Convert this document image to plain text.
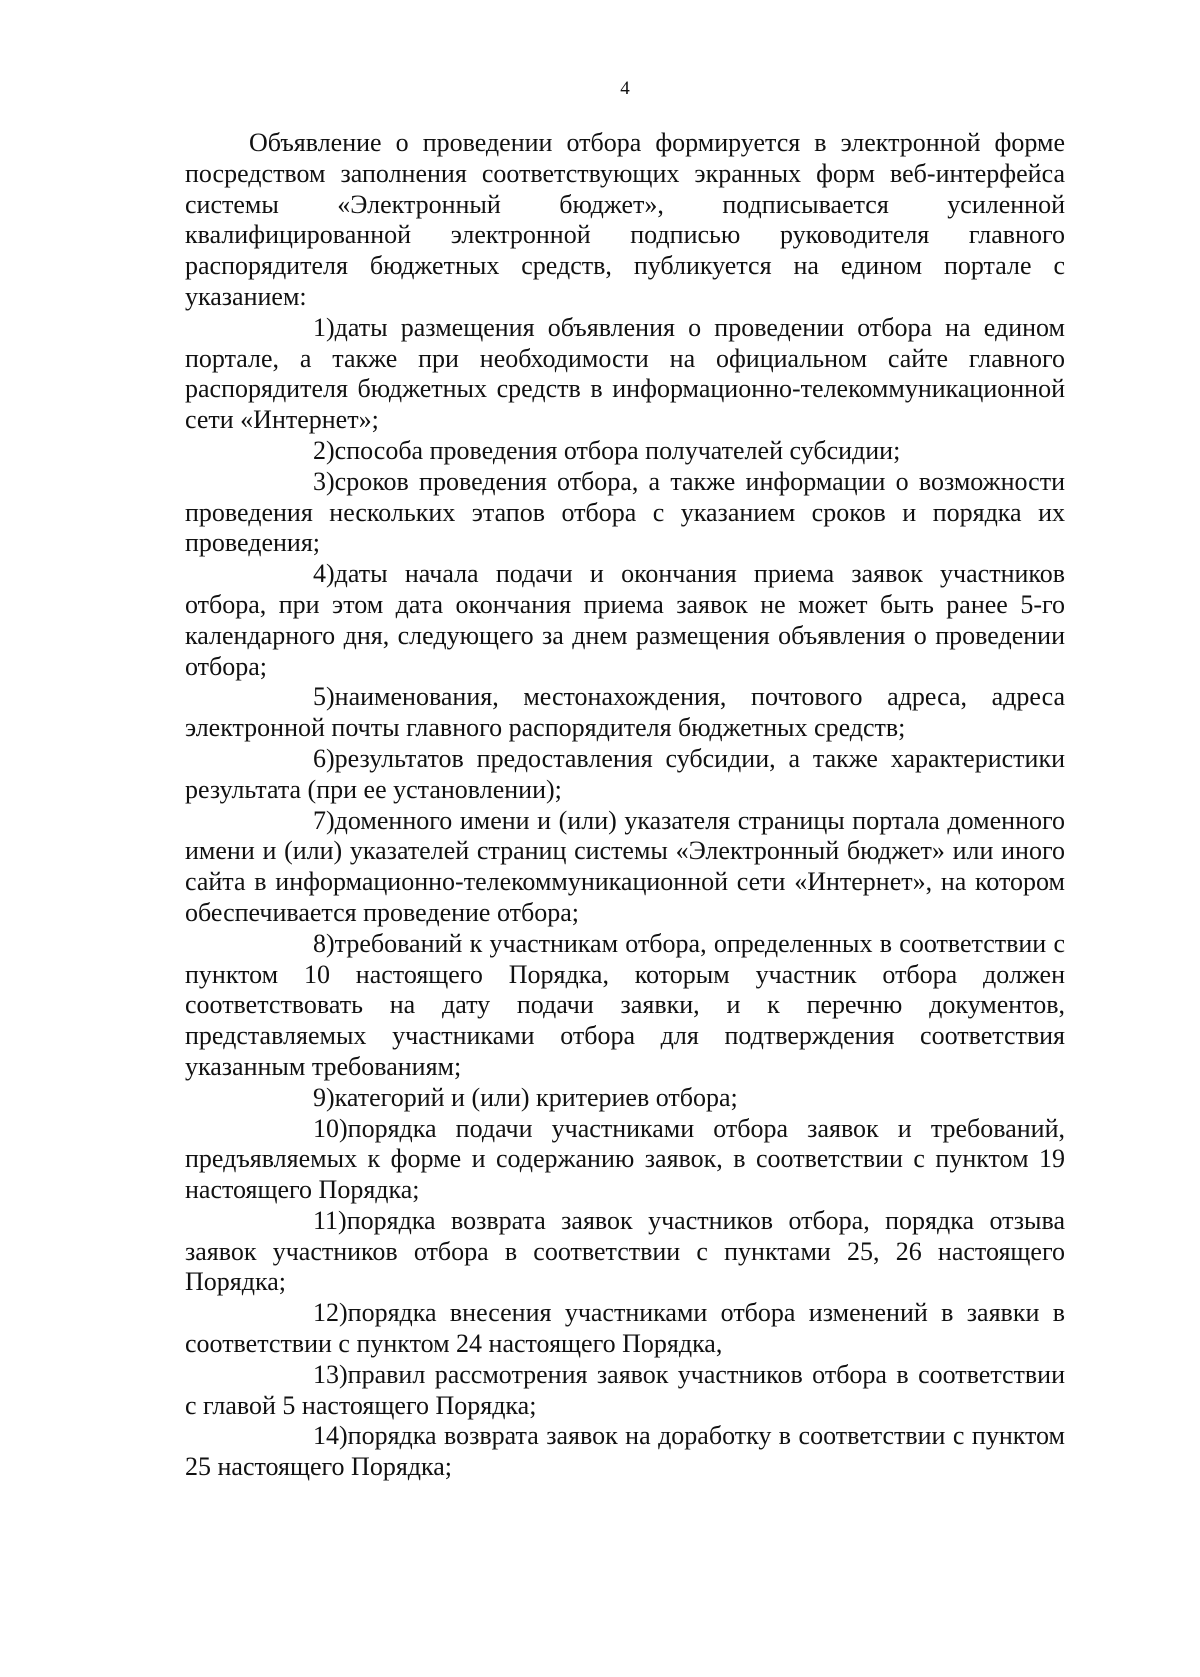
4

Объявление о проведении отбора формируется в электронной форме посредством заполнения соответствующих экранных форм веб-интерфейса системы «Электронный бюджет», подписывается усиленной квалифицированной электронной подписью руководителя главного распорядителя бюджетных средств, публикуется на едином портале с указанием:

1)даты размещения объявления о проведении отбора на едином портале, а также при необходимости на официальном сайте главного распорядителя бюджетных средств в информационно-телекоммуникационной сети «Интернет»;

2)способа проведения отбора получателей субсидии;

3)сроков проведения отбора, а также информации о возможности проведения нескольких этапов отбора с указанием сроков и порядка их проведения;

4)даты начала подачи и окончания приема заявок участников отбора, при этом дата окончания приема заявок не может быть ранее 5-го календарного дня, следующего за днем размещения объявления о проведении отбора;

5)наименования, местонахождения, почтового адреса, адреса электронной почты главного распорядителя бюджетных средств;

6)результатов предоставления субсидии, а также характеристики результата (при ее установлении);

7)доменного имени и (или) указателя страницы портала доменного имени и (или) указателей страниц системы «Электронный бюджет» или иного сайта в информационно-телекоммуникационной сети «Интернет», на котором обеспечивается проведение отбора;

8)требований к участникам отбора, определенных в соответствии с пунктом 10 настоящего Порядка, которым участник отбора должен соответствовать на дату подачи заявки, и к перечню документов, представляемых участниками отбора для подтверждения соответствия указанным требованиям;

9)категорий и (или) критериев отбора;

10)порядка подачи участниками отбора заявок и требований, предъявляемых к форме и содержанию заявок, в соответствии с пунктом 19 настоящего Порядка;

11)порядка возврата заявок участников отбора, порядка отзыва заявок участников отбора в соответствии с пунктами 25, 26 настоящего Порядка;

12)порядка внесения участниками отбора изменений в заявки в соответствии с пунктом 24 настоящего Порядка,

13)правил рассмотрения заявок участников отбора в соответствии с главой 5 настоящего Порядка;

14)порядка возврата заявок на доработку в соответствии с пунктом 25 настоящего Порядка;
